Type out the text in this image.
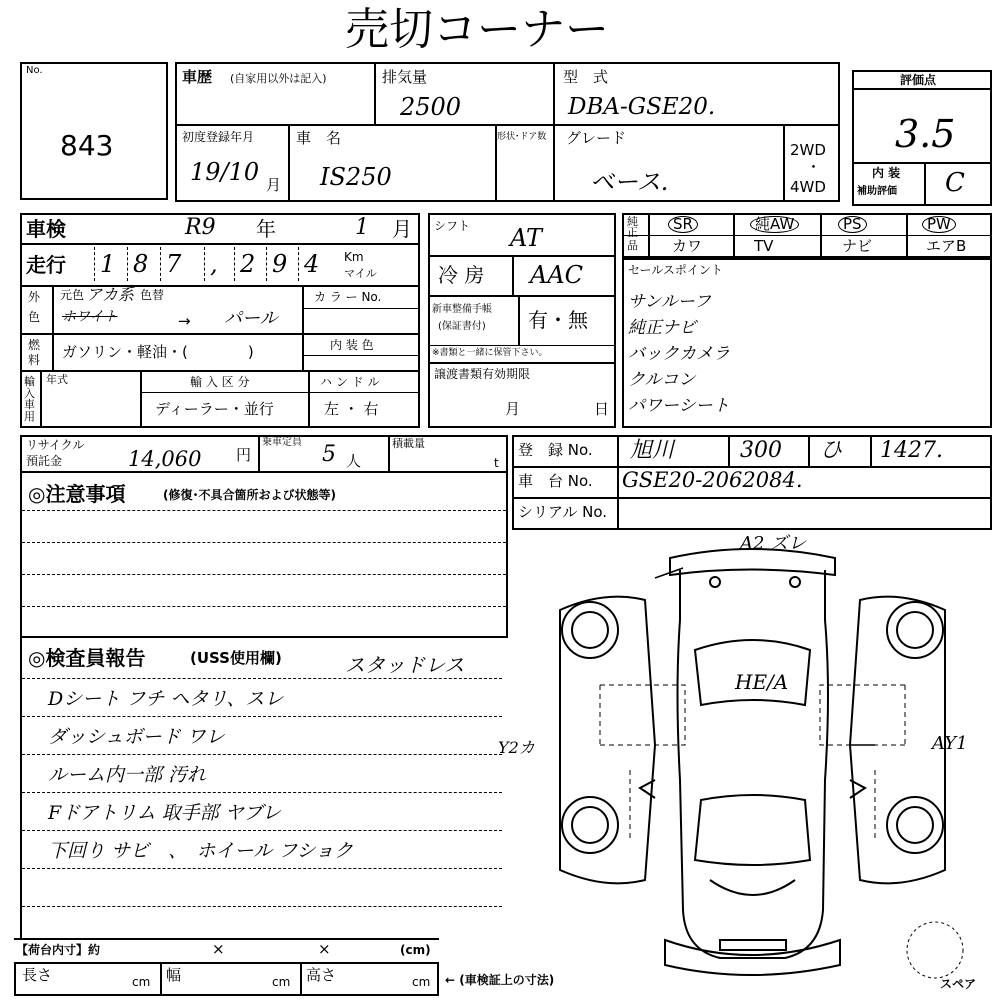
売切コーナー
No.
843
車歴 (自家用以外は記入)	排気量
2500
型　式
DBA-GSE20.
初度登録年月
19/10 月
車　名
IS250
形状･ドア数 グレード
ベース.
2WD
・
4WD
評価点
3.5
内 装
補助評価 C
車検	R9 年	1 月
走行 1 8 7 , 2 9 4 Km
マイル
外
色
元色 アカ系 色替
ホワイト	→ パール
カ ラ ー No.
燃
料 ガソリン・軽油・(　　　　)	内 装 色
輸入車用
年式	輸 入 区 分
ディーラー・並行
ハ ン ド ル
左 ・ 右
シフト AT
冷 房 AAC
新車整備手帳
(保証書付) 有・無
※書類と一緒に保管下さい。
譲渡書類有効期限
月	日
純正
品
SR	純AW	PS	PW
カワ	TV	ナビ	エアB
セールスポイント
サンルーフ
純正ナビ
バックカメラ
クルコン
パワーシート
リサイクル
預託金	14,060 円
乗車定員 5 人
積載量
t
登　録 No. 旭川	300 ひ 1427.
車　台 No. GSE20-2062084.
シリアル No.
◎注意事項	(修復･不具合箇所および状態等)
◎検査員報告	(USS使用欄)	スタッドレス
Dシート フチ ヘタリ、スレ
ダッシュボード ワレ
ルーム内一部 汚れ
Fドアトリム 取手部 ヤブレ
下回り サビ　、　ホイール フショク
【荷台内寸】約	×	×	(cm)
長さ	cm 幅	cm 高さ	cm ← (車検証上の寸法)
A2 ズレ
HE/A
Y2カ	AY1
スペア
